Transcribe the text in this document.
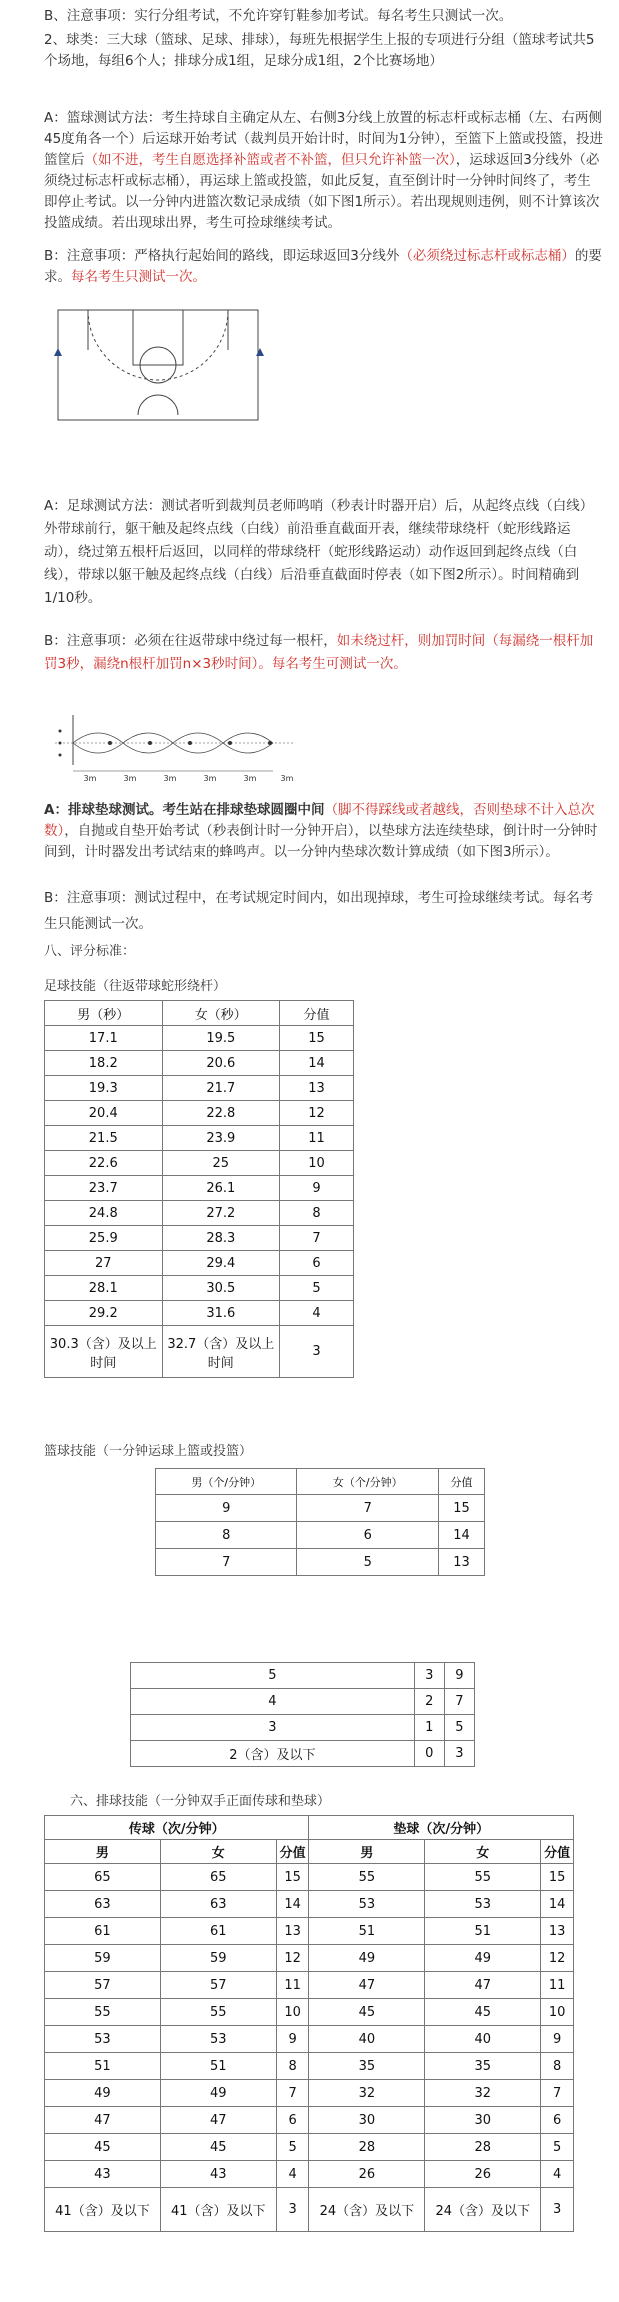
B、注意事项：实行分组考试，不允许穿钉鞋参加考试。每名考生只测试一次。
2、球类：三大球（篮球、足球、排球），每班先根据学生上报的专项进行分组（篮球考试共5个场地，每组6个人；排球分成1组，足球分成1组，2个比赛场地）
A：篮球测试方法：考生持球自主确定从左、右侧3分线上放置的标志杆或标志桶（左、右两侧45度角各一个）后运球开始考试（裁判员开始计时，时间为1分钟），至篮下上篮或投篮，投进篮筐后（如不进，考生自愿选择补篮或者不补篮，但只允许补篮一次），运球返回3分线外（必须绕过标志杆或标志桶），再运球上篮或投篮，如此反复，直至倒计时一分钟时间终了，考生即停止考试。以一分钟内进篮次数记录成绩（如下图1所示）。若出现规则违例，则不计算该次投篮成绩。若出现球出界，考生可捡球继续考试。
B：注意事项：严格执行起始间的路线，即运球返回3分线外（必须绕过标志杆或标志桶）的要求。每名考生只测试一次。
A：足球测试方法：测试者听到裁判员老师鸣哨（秒表计时器开启）后，从起终点线（白线）外带球前行，躯干触及起终点线（白线）前沿垂直截面开表，继续带球绕杆（蛇形线路运动），绕过第五根杆后返回，以同样的带球绕杆（蛇形线路运动）动作返回到起终点线（白线），带球以躯干触及起终点线（白线）后沿垂直截面时停表（如下图2所示）。时间精确到1/10秒。
B：注意事项：必须在往返带球中绕过每一根杆，如未绕过杆，则加罚时间（每漏绕一根杆加罚3秒，漏绕n根杆加罚n×3秒时间）。每名考生可测试一次。
3m	3m	3m	3m	3m	3m
A：排球垫球测试。考生站在排球垫球圆圈中间（脚不得踩线或者越线，否则垫球不计入总次数），自抛或自垫开始考试（秒表倒计时一分钟开启），以垫球方法连续垫球，倒计时一分钟时间到，计时器发出考试结束的蜂鸣声。以一分钟内垫球次数计算成绩（如下图3所示）。
B：注意事项：测试过程中，在考试规定时间内，如出现掉球，考生可捡球继续考试。每名考生只能测试一次。
八、评分标准：
足球技能（往返带球蛇形绕杆）
男（秒）	女（秒）	分值
17.1	19.5	15
18.2	20.6	14
19.3	21.7	13
20.4	22.8	12
21.5	23.9	11
22.6	25	10
23.7	26.1	9
24.8	27.2	8
25.9	28.3	7
27	29.4	6
28.1	30.5	5
29.2	31.6	4
30.3（含）及以上时间	32.7（含）及以上时间	3
篮球技能（一分钟运球上篮或投篮）
男（个/分钟）	女（个/分钟）	分值
9	7	15
8	6	14
7	5	13
5	3	9
4	2	7
3	1	5
2（含）及以下	0	3
六、排球技能（一分钟双手正面传球和垫球）
传球（次/分钟）			垫球（次/分钟）		
男	女	分值	男	女	分值
65	65	15	55	55	15
63	63	14	53	53	14
61	61	13	51	51	13
59	59	12	49	49	12
57	57	11	47	47	11
55	55	10	45	45	10
53	53	9	40	40	9
51	51	8	35	35	8
49	49	7	32	32	7
47	47	6	30	30	6
45	45	5	28	28	5
43	43	4	26	26	4
41（含）及以下	41（含）及以下	3	24（含）及以下	24（含）及以下	3
